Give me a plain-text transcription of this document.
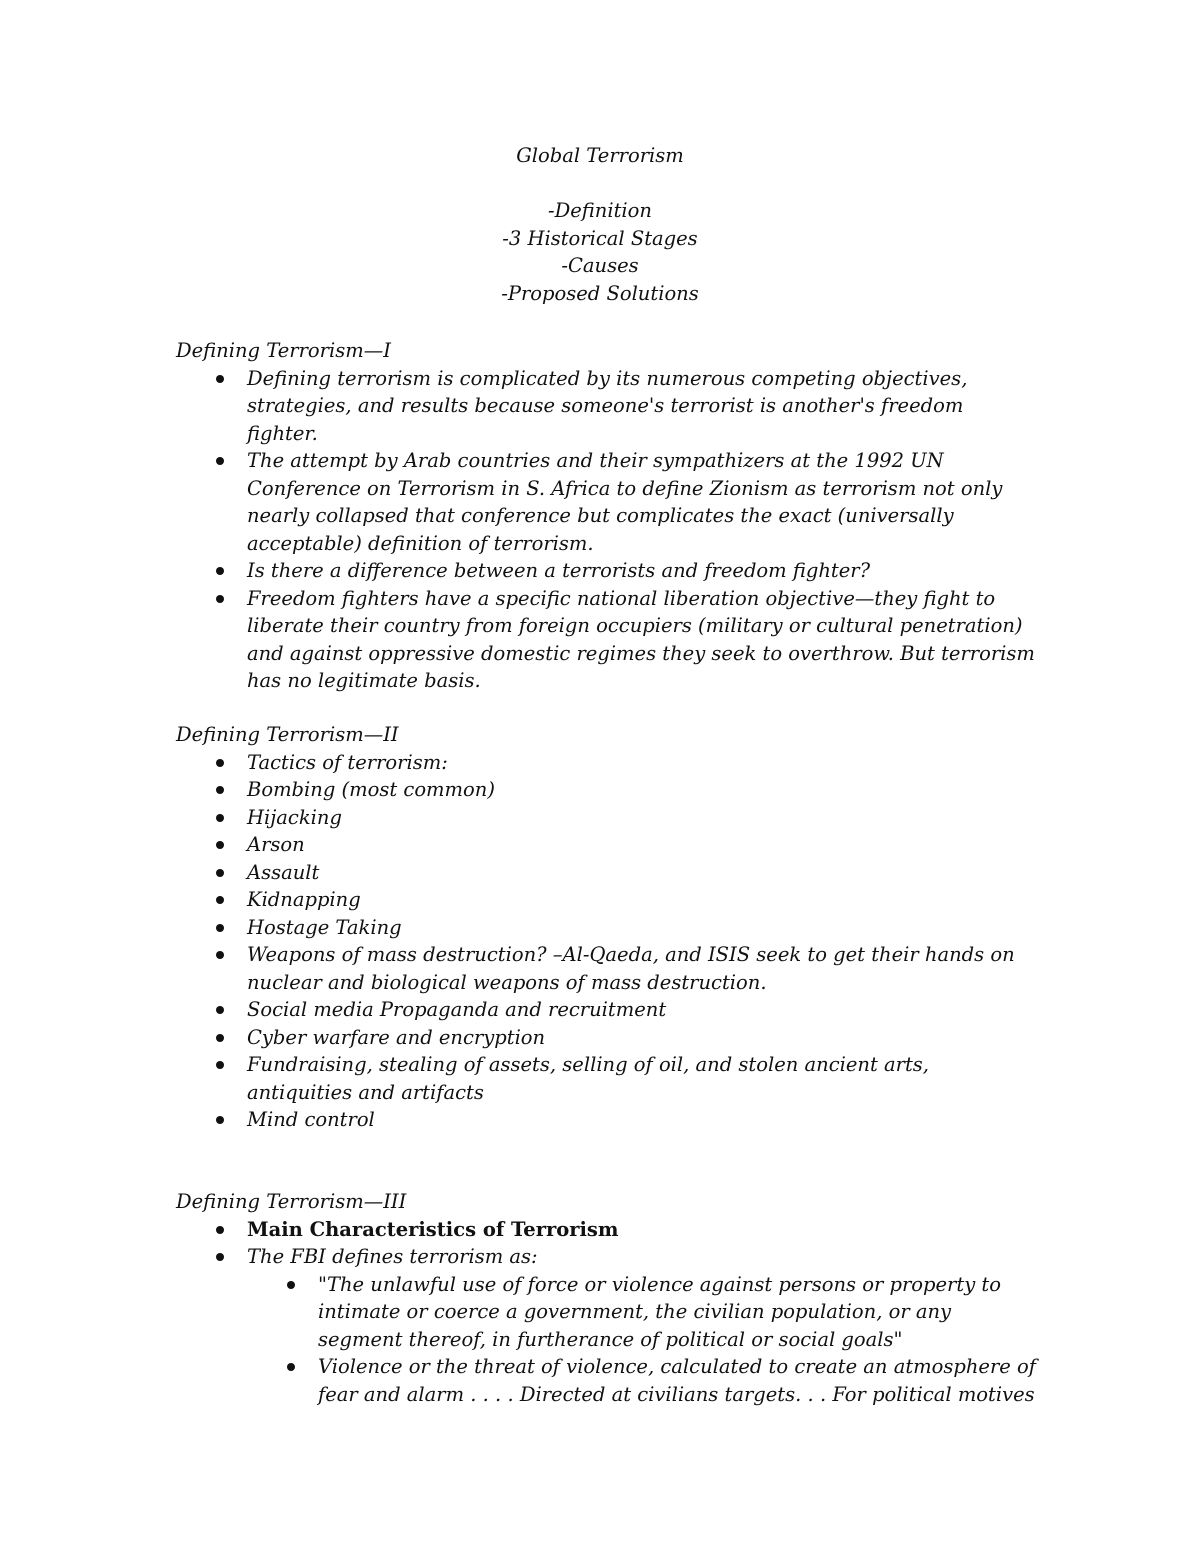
Global Terrorism
-Definition
-3 Historical Stages
-Causes
-Proposed Solutions
Defining Terrorism—I
Defining terrorism is complicated by its numerous competing objectives, strategies, and results because someone's terrorist is another's freedom fighter.
The attempt by Arab countries and their sympathizers at the 1992 UN Conference on Terrorism in S. Africa to define Zionism as terrorism not only nearly collapsed that conference but complicates the exact (universally acceptable) definition of terrorism.
Is there a difference between a terrorists and freedom fighter?
Freedom fighters have a specific national liberation objective—they fight to liberate their country from foreign occupiers (military or cultural penetration) and against oppressive domestic regimes they seek to overthrow. But terrorism has no legitimate basis.
Defining Terrorism—II
Tactics of terrorism:
Bombing (most common)
Hijacking
Arson
Assault
Kidnapping
Hostage Taking
Weapons of mass destruction? –Al-Qaeda, and ISIS seek to get their hands on nuclear and biological weapons of mass destruction.
Social media Propaganda and recruitment
Cyber warfare and encryption
Fundraising, stealing of assets, selling of oil, and stolen ancient arts, antiquities and artifacts
Mind control
Defining Terrorism—III
Main Characteristics of Terrorism
The FBI defines terrorism as:
"The unlawful use of force or violence against persons or property to intimate or coerce a government, the civilian population, or any segment thereof, in furtherance of political or social goals"
Violence or the threat of violence, calculated to create an atmosphere of fear and alarm . . . . Directed at civilians targets. . . For political motives
